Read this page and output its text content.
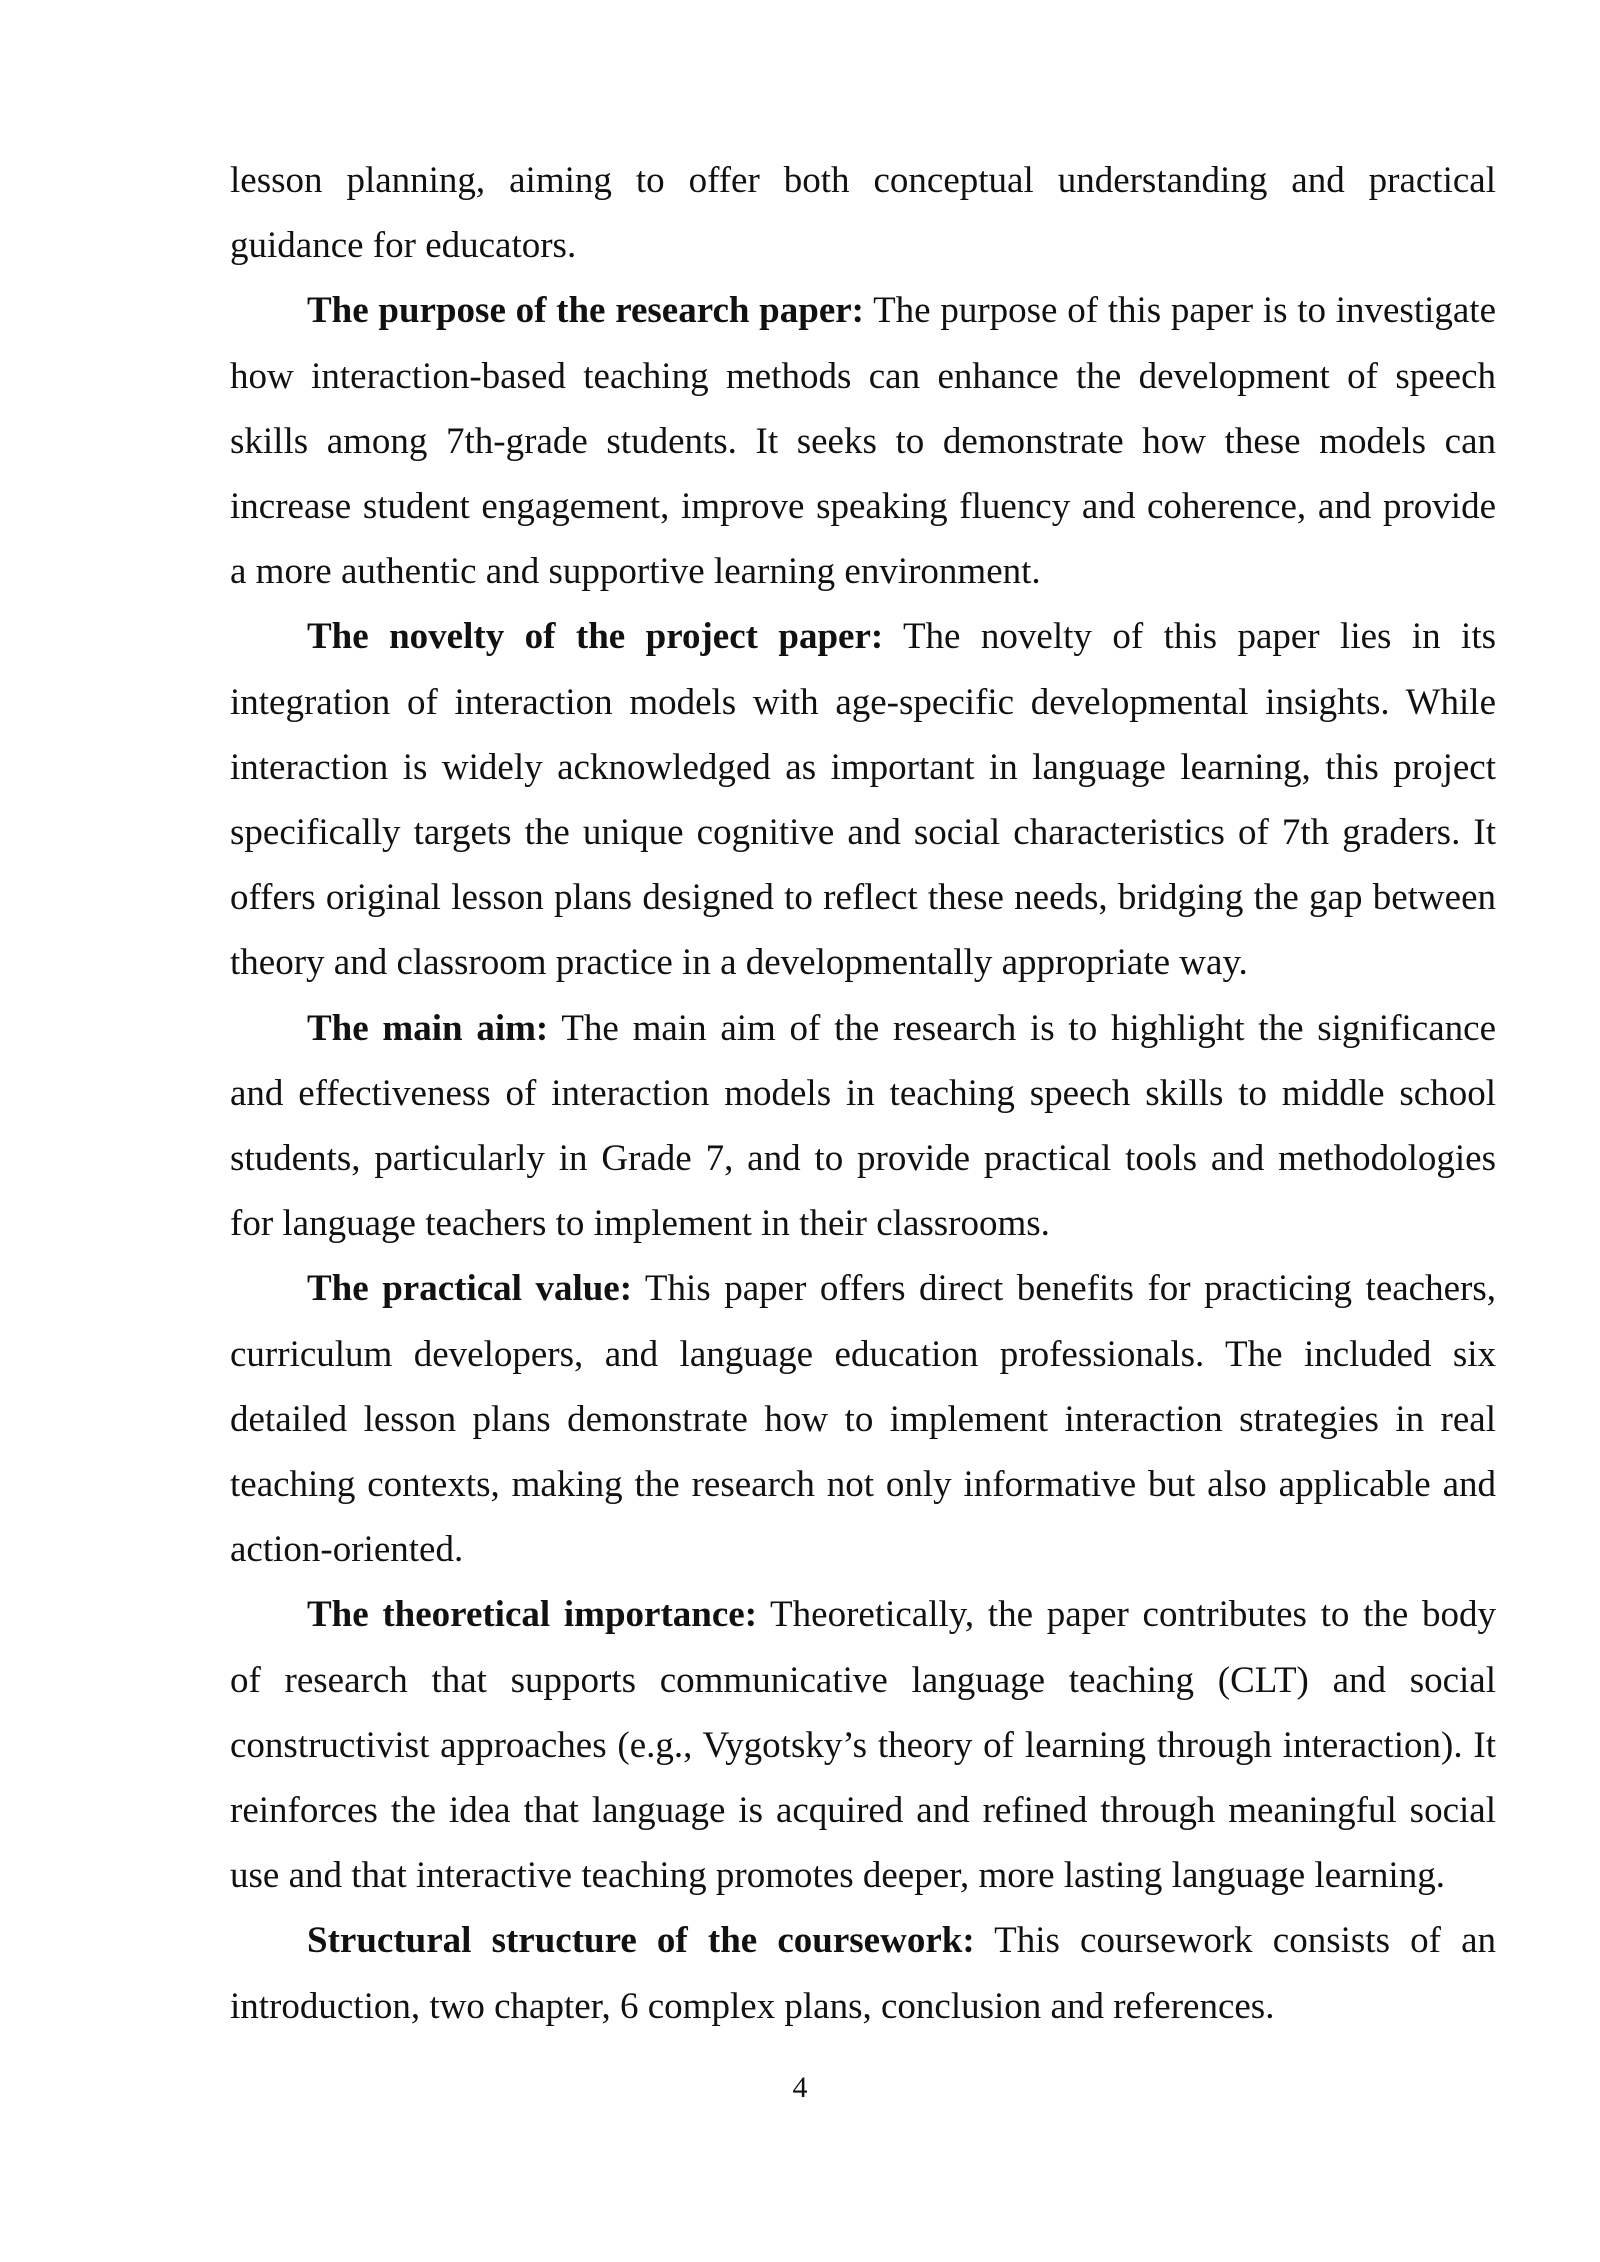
lesson planning, aiming to offer both conceptual understanding and practical guidance for educators.

The purpose of the research paper: The purpose of this paper is to investigate how interaction-based teaching methods can enhance the development of speech skills among 7th-grade students. It seeks to demonstrate how these models can increase student engagement, improve speaking fluency and coherence, and provide a more authentic and supportive learning environment.

The novelty of the project paper: The novelty of this paper lies in its integration of interaction models with age-specific developmental insights. While interaction is widely acknowledged as important in language learning, this project specifically targets the unique cognitive and social characteristics of 7th graders. It offers original lesson plans designed to reflect these needs, bridging the gap between theory and classroom practice in a developmentally appropriate way.

The main aim: The main aim of the research is to highlight the significance and effectiveness of interaction models in teaching speech skills to middle school students, particularly in Grade 7, and to provide practical tools and methodologies for language teachers to implement in their classrooms.

The practical value: This paper offers direct benefits for practicing teachers, curriculum developers, and language education professionals. The included six detailed lesson plans demonstrate how to implement interaction strategies in real teaching contexts, making the research not only informative but also applicable and action-oriented.

The theoretical importance: Theoretically, the paper contributes to the body of research that supports communicative language teaching (CLT) and social constructivist approaches (e.g., Vygotsky’s theory of learning through interaction). It reinforces the idea that language is acquired and refined through meaningful social use and that interactive teaching promotes deeper, more lasting language learning.

Structural structure of the coursework: This coursework consists of an introduction, two chapter, 6 complex plans, conclusion and references.

4
